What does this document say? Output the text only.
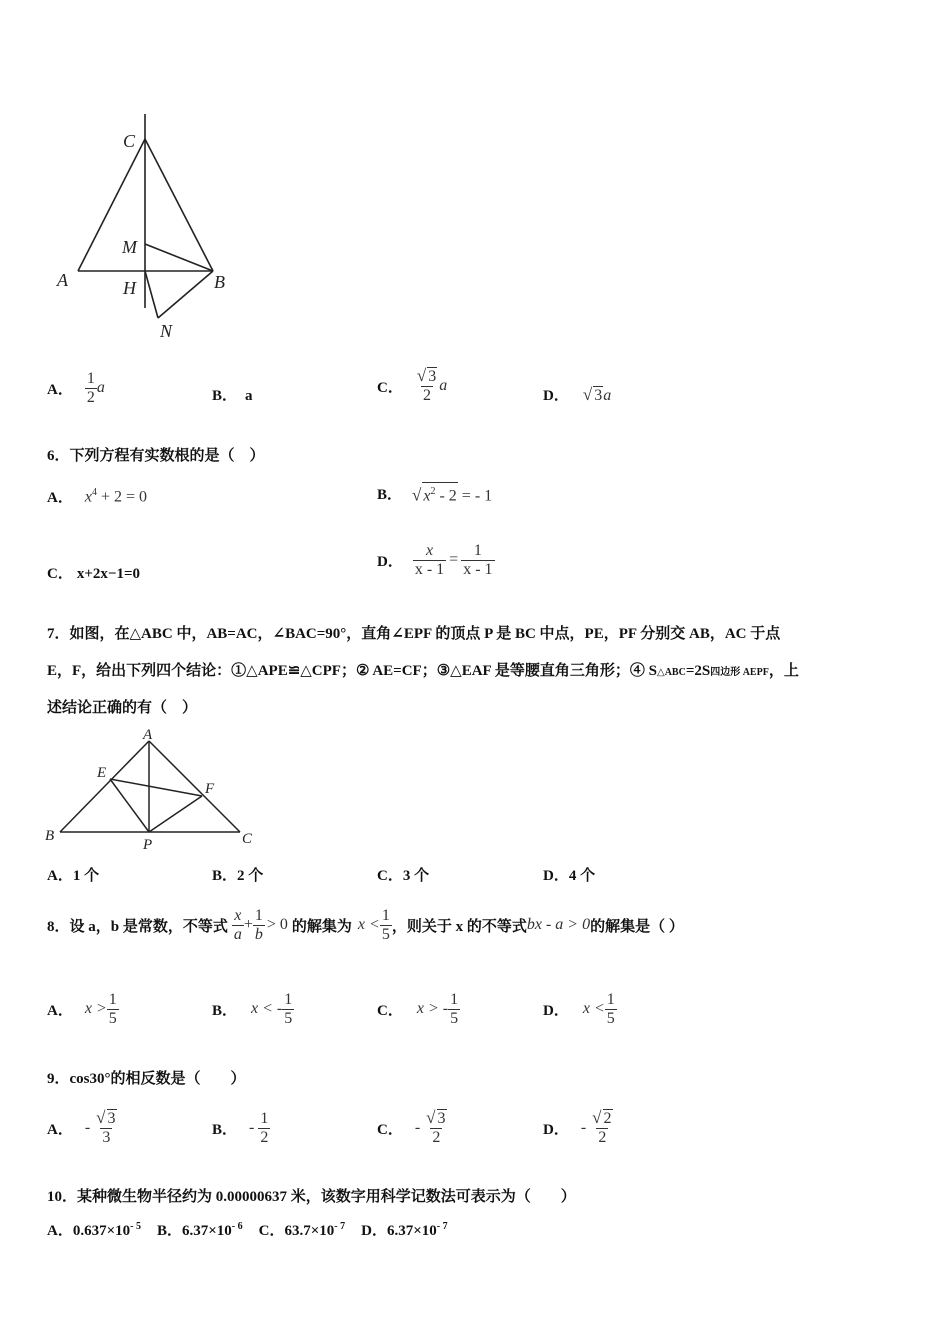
C
M
A	H	B
N
A． $\frac{1}{2}$ a	B． a
C． $\frac{√ 3}{2}$ a
D． √ 3a
6．下列方程有实数根的是（　）
A． $x^4 + 2 = 0$	B． √ $x^2 - 2$ = - 1
C． x+2x−1=0
D． $\frac{x}{x - 1} = \frac{1}{x - 1}$
7．如图，在△ABC 中，AB=AC，∠BAC=90°，直角∠EPF 的顶点 P 是 BC 中点，PE，PF 分别交 AB，AC 于点
E，F，给出下列四个结论：①△APE≌△CPF；② AE=CF；③△EAF 是等腰直角三角形；④ S△ABC=2S四边形 AEPF，上
述结论正确的有（　）
A
E
F
B
P	C
A．1 个	B．2 个	C．3 个	D．4 个
8．设 a，b 是常数，不等式 $\frac{x}{a} + \frac{1}{b} > 0$ 的解集为 $x < \frac{1}{5}$ ，则关于 x 的不等式 bx - a > 0 的解集是（ ）
A． $x > \frac{1}{5}$	B． x < - $\frac{1}{5}$	C． x > - $\frac{1}{5}$	D． $x < \frac{1}{5}$
9．cos30°的相反数是（　　）
A． - $\frac{√ 3}{3}$	B． - $\frac{1}{2}$	C． - $\frac{√ 3}{2}$	D． - $\frac{√ 2}{2}$
10．某种微生物半径约为 0.00000637 米，该数字用科学记数法可表示为（　　）
A．$0.637\times 10^{- 5}$ B．$6.37\times 10^{- 6}$ C．$63.7\times 10^{- 7}$ D．$6.37\times 10^{- 7}$
